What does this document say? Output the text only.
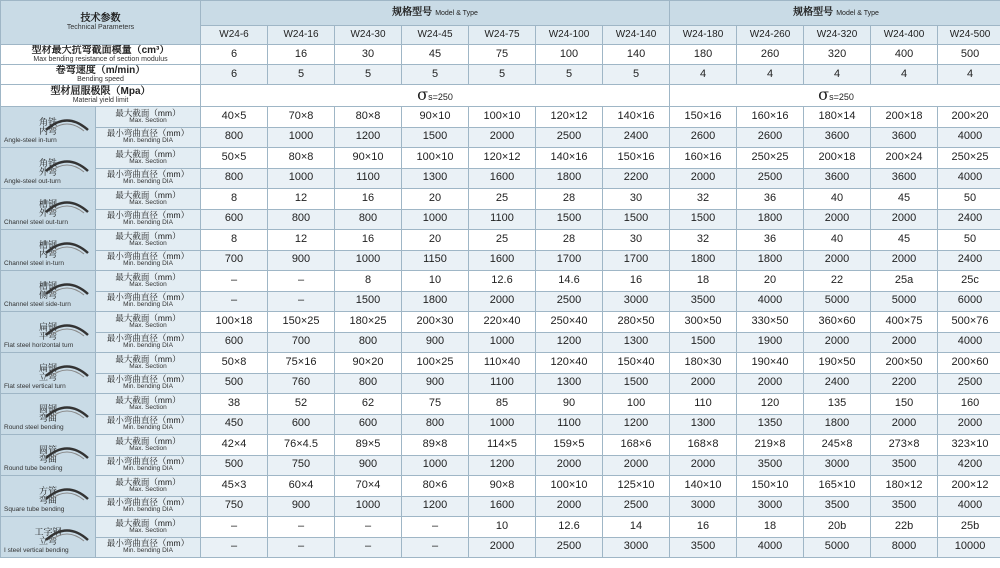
技术参数
Technical Parameters		规格型号 Model & Type							规格型号 Model & Type				
		W24-6	W24-16	W24-30	W24-45	W24-75	W24-100	W24-140	W24-180	W24-260	W24-320	W24-400	W24-500

型材最大抗弯截面模量（cm³）
Max bending resistance of section modulus		6	16	30	45	75	100	140	180	260	320	400	500

卷弯速度（m/min）
Bending speed		6	5	5	5	5	5	5	4	4	4	4	4

型材屈服极限（Mpa）
Material yield limit		σs=250							σs=250				

角铁
内弯
Angle-steel in-turn	最大截面（mm）
Max. Section	40×5	70×8	80×8	90×10	100×10	120×12	140×16	150×16	160×16	180×14	200×18	200×20

	最小弯曲直径（mm）
Min. bending DIA	800	1000	1200	1500	2000	2500	2400	2600	2600	3600	3600	4000

角铁
外弯
Angle-steel out-turn	最大截面（mm）
Max. Section	50×5	80×8	90×10	100×10	120×12	140×16	150×16	160×16	250×25	200×18	200×24	250×25

	最小弯曲直径（mm）
Min. bending DIA	800	1000	1100	1300	1600	1800	2200	2000	2500	3600	3600	4000

槽钢
外弯
Channel steel out-turn	最大截面（mm）
Max. Section	8	12	16	20	25	28	30	32	36	40	45	50

	最小弯曲直径（mm）
Min. bending DIA	600	800	800	1000	1100	1500	1500	1500	1800	2000	2000	2400

槽钢
内弯
Channel steel in-turn	最大截面（mm）
Max. Section	8	12	16	20	25	28	30	32	36	40	45	50

	最小弯曲直径（mm）
Min. bending DIA	700	900	1000	1150	1600	1700	1700	1800	1800	2000	2000	2400

槽钢
侧弯
Channel steel side-turn	最大截面（mm）
Max. Section	–	–	8	10	12.6	14.6	16	18	20	22	25a	25c

	最小弯曲直径（mm）
Min. bending DIA	–	–	1500	1800	2000	2500	3000	3500	4000	5000	5000	6000

扁钢
平弯
Flat steel horizontal turn	最大截面（mm）
Max. Section	100×18	150×25	180×25	200×30	220×40	250×40	280×50	300×50	330×50	360×60	400×75	500×76

	最小弯曲直径（mm）
Min. bending DIA	600	700	800	900	1000	1200	1300	1500	1900	2000	2000	4000

扁钢
立弯
Flat steel vertical turn	最大截面（mm）
Max. Section	50×8	75×16	90×20	100×25	110×40	120×40	150×40	180×30	190×40	190×50	200×50	200×60

	最小弯曲直径（mm）
Min. bending DIA	500	760	800	900	1100	1300	1500	2000	2000	2400	2200	2500

圆钢
弯曲
Round steel bending	最大截面（mm）
Max. Section	38	52	62	75	85	90	100	110	120	135	150	160

	最小弯曲直径（mm）
Min. bending DIA	450	600	600	800	1000	1100	1200	1300	1350	1800	2000	2000

圆管
弯曲
Round tube bending	最大截面（mm）
Max. Section	42×4	76×4.5	89×5	89×8	114×5	159×5	168×6	168×8	219×8	245×8	273×8	323×10

	最小弯曲直径（mm）
Min. bending DIA	500	750	900	1000	1200	2000	2000	2000	3500	3000	3500	4200

方管
弯曲
Square tube bending	最大截面（mm）
Max. Section	45×3	60×4	70×4	80×6	90×8	100×10	125×10	140×10	150×10	165×10	180×12	200×12

	最小弯曲直径（mm）
Min. bending DIA	750	900	1000	1200	1600	2000	2500	3000	3000	3500	3500	4000

工字钢
立弯
I steel vertical bending	最大截面（mm）
Max. Section	–	–	–	–	10	12.6	14	16	18	20b	22b	25b

	最小弯曲直径（mm）
Min. bending DIA	–	–	–	–	2000	2500	3000	3500	4000	5000	8000	10000
